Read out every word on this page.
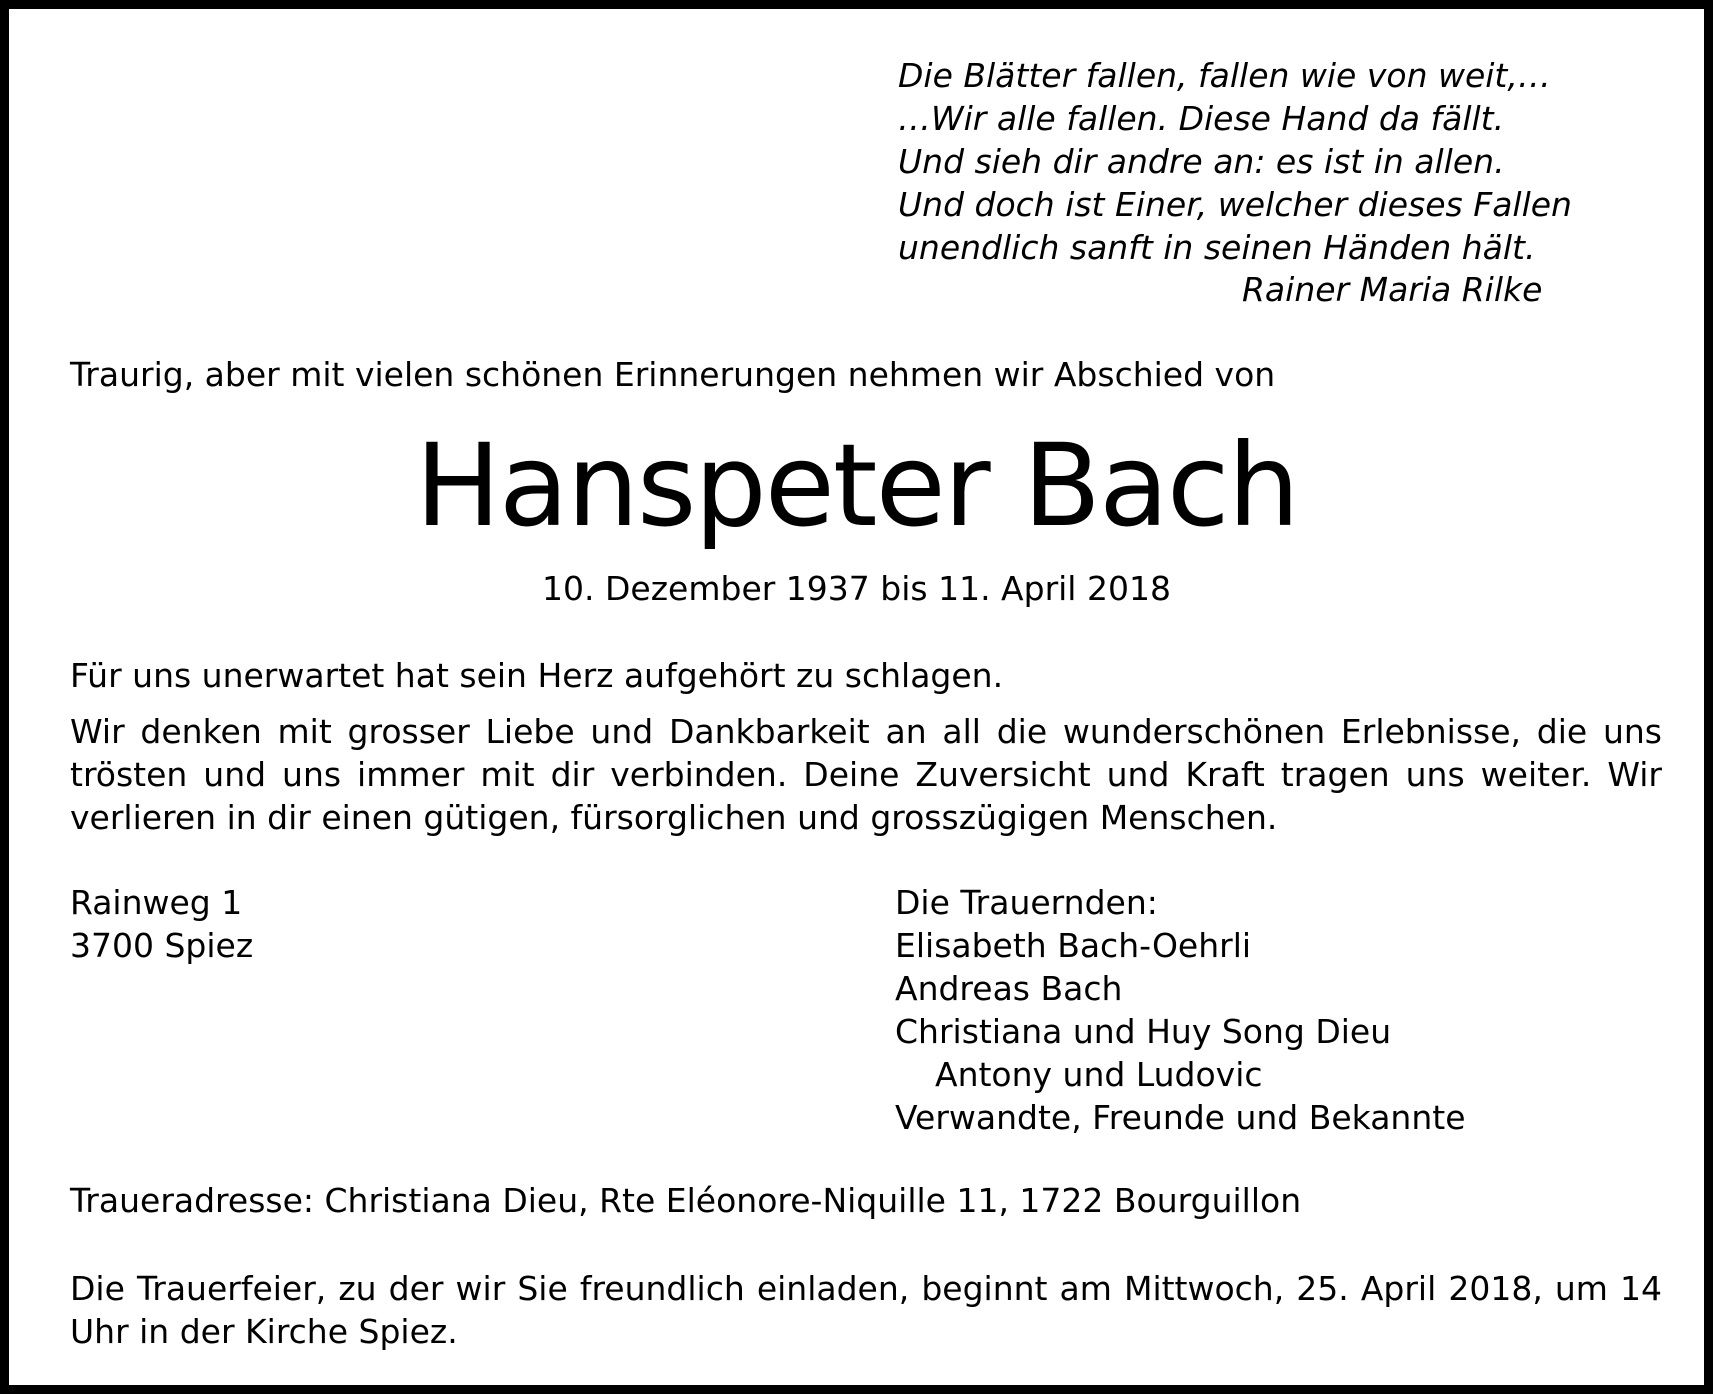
Die Blätter fallen, fallen wie von weit,…
…Wir alle fallen. Diese Hand da fällt.
Und sieh dir andre an: es ist in allen.
Und doch ist Einer, welcher dieses Fallen
unendlich sanft in seinen Händen hält.
Rainer Maria Rilke
Traurig, aber mit vielen schönen Erinnerungen nehmen wir Abschied von
Hanspeter Bach
10. Dezember 1937 bis 11. April 2018

Für uns unerwartet hat sein Herz aufgehört zu schlagen.

Wir denken mit grosser Liebe und Dankbarkeit an all die wunderschönen Erlebnisse, die uns trösten und uns immer mit dir verbinden. Deine Zuversicht und Kraft tragen uns weiter. Wir verlieren in dir einen gütigen, fürsorglichen und grosszügigen Menschen.

Rainweg 1
3700 Spiez
Die Trauernden:
Elisabeth Bach-Oehrli
Andreas Bach
Christiana und Huy Song Dieu
Antony und Ludovic
Verwandte, Freunde und Bekannte
Traueradresse: Christiana Dieu, Rte Eléonore-Niquille 11, 1722 Bourguillon

Die Trauerfeier, zu der wir Sie freundlich einladen, beginnt am Mittwoch, 25. April 2018, um 14 Uhr in der Kirche Spiez.
